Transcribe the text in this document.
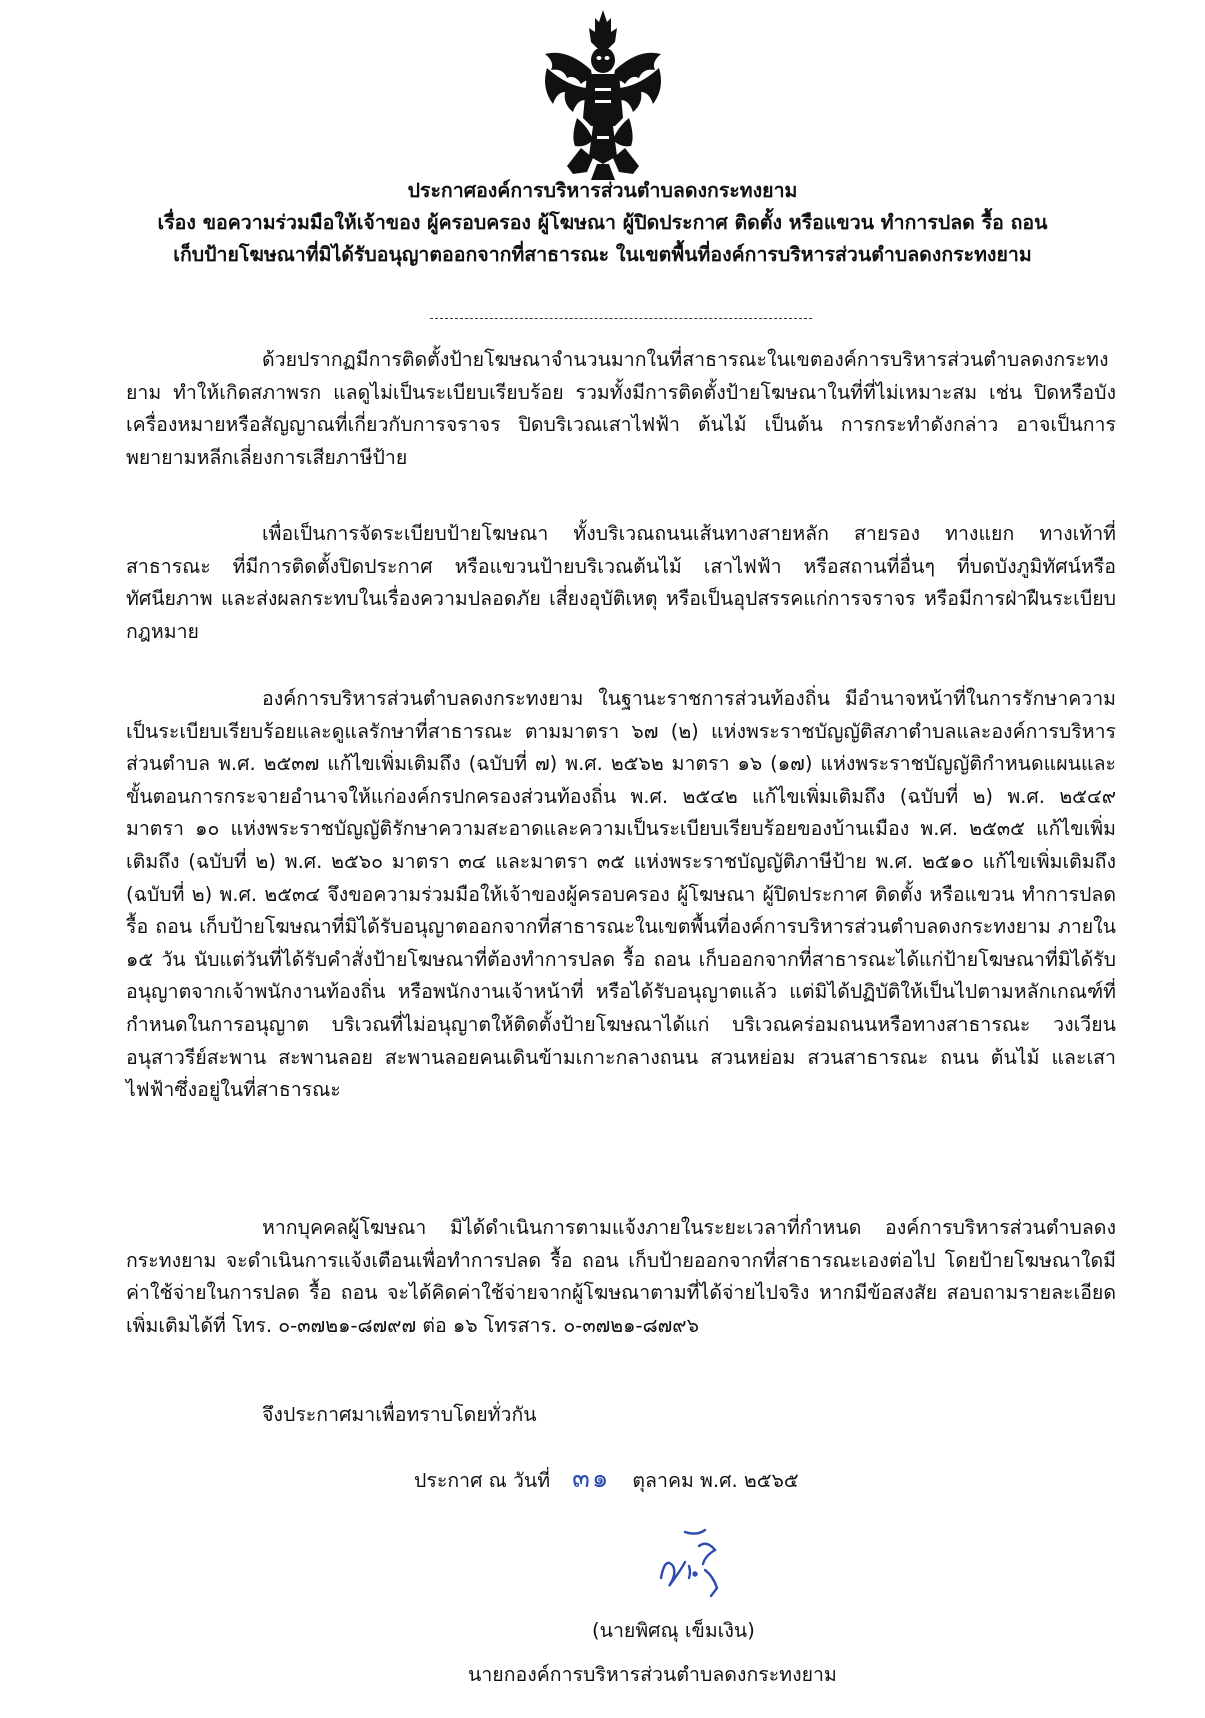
ประกาศองค์การบริหารส่วนตำบลดงกระทงยาม
เรื่อง ขอความร่วมมือให้เจ้าของ ผู้ครอบครอง ผู้โฆษณา ผู้ปิดประกาศ ติดตั้ง หรือแขวน ทำการปลด รื้อ ถอน
เก็บป้ายโฆษณาที่มิได้รับอนุญาตออกจากที่สาธารณะ ในเขตพื้นที่องค์การบริหารส่วนตำบลดงกระทงยาม
ด้วยปรากฏมีการติดตั้งป้ายโฆษณาจำนวนมากในที่สาธารณะในเขตองค์การบริหารส่วนตำบลดงกระทงยาม ทำให้เกิดสภาพรก แลดูไม่เป็นระเบียบเรียบร้อย รวมทั้งมีการติดตั้งป้ายโฆษณาในที่ที่ไม่เหมาะสม เช่น ปิดหรือบังเครื่องหมายหรือสัญญาณที่เกี่ยวกับการจราจร ปิดบริเวณเสาไฟฟ้า ต้นไม้ เป็นต้น การกระทำดังกล่าว อาจเป็นการพยายามหลีกเลี่ยงการเสียภาษีป้าย
เพื่อเป็นการจัดระเบียบป้ายโฆษณา ทั้งบริเวณถนนเส้นทางสายหลัก สายรอง ทางแยก ทางเท้าที่สาธารณะ ที่มีการติดตั้งปิดประกาศ หรือแขวนป้ายบริเวณต้นไม้ เสาไฟฟ้า หรือสถานที่อื่นๆ ที่บดบังภูมิทัศน์หรือทัศนียภาพ และส่งผลกระทบในเรื่องความปลอดภัย เสี่ยงอุบัติเหตุ หรือเป็นอุปสรรคแก่การจราจร หรือมีการฝ่าฝืนระเบียบกฎหมาย
องค์การบริหารส่วนตำบลดงกระทงยาม ในฐานะราชการส่วนท้องถิ่น มีอำนาจหน้าที่ในการรักษาความเป็นระเบียบเรียบร้อยและดูแลรักษาที่สาธารณะ ตามมาตรา ๖๗ (๒) แห่งพระราชบัญญัติสภาตำบลและองค์การบริหารส่วนตำบล พ.ศ. ๒๕๓๗ แก้ไขเพิ่มเติมถึง (ฉบับที่ ๗) พ.ศ. ๒๕๖๒ มาตรา ๑๖ (๑๗) แห่งพระราชบัญญัติกำหนดแผนและขั้นตอนการกระจายอำนาจให้แก่องค์กรปกครองส่วนท้องถิ่น พ.ศ. ๒๕๔๒ แก้ไขเพิ่มเติมถึง (ฉบับที่ ๒) พ.ศ. ๒๕๔๙ มาตรา ๑๐ แห่งพระราชบัญญัติรักษาความสะอาดและความเป็นระเบียบเรียบร้อยของบ้านเมือง พ.ศ. ๒๕๓๕ แก้ไขเพิ่มเติมถึง (ฉบับที่ ๒) พ.ศ. ๒๕๖๐ มาตรา ๓๔ และมาตรา ๓๕ แห่งพระราชบัญญัติภาษีป้าย พ.ศ. ๒๕๑๐ แก้ไขเพิ่มเติมถึง (ฉบับที่ ๒) พ.ศ. ๒๕๓๔ จึงขอความร่วมมือให้เจ้าของผู้ครอบครอง ผู้โฆษณา ผู้ปิดประกาศ ติดตั้ง หรือแขวน ทำการปลด รื้อ ถอน เก็บป้ายโฆษณาที่มิได้รับอนุญาตออกจากที่สาธารณะในเขตพื้นที่องค์การบริหารส่วนตำบลดงกระทงยาม ภายใน ๑๕ วัน นับแต่วันที่ได้รับคำสั่งป้ายโฆษณาที่ต้องทำการปลด รื้อ ถอน เก็บออกจากที่สาธารณะได้แก่ป้ายโฆษณาที่มิได้รับอนุญาตจากเจ้าพนักงานท้องถิ่น หรือพนักงานเจ้าหน้าที่ หรือได้รับอนุญาตแล้ว แต่มิได้ปฏิบัติให้เป็นไปตามหลักเกณฑ์ที่กำหนดในการอนุญาต บริเวณที่ไม่อนุญาตให้ติดตั้งป้ายโฆษณาได้แก่ บริเวณคร่อมถนนหรือทางสาธารณะ วงเวียน อนุสาวรีย์สะพาน สะพานลอย สะพานลอยคนเดินข้ามเกาะกลางถนน สวนหย่อม สวนสาธารณะ ถนน ต้นไม้ และเสาไฟฟ้าซึ่งอยู่ในที่สาธารณะ
หากบุคคลผู้โฆษณา มิได้ดำเนินการตามแจ้งภายในระยะเวลาที่กำหนด องค์การบริหารส่วนตำบลดงกระทงยาม จะดำเนินการแจ้งเตือนเพื่อทำการปลด รื้อ ถอน เก็บป้ายออกจากที่สาธารณะเองต่อไป โดยป้ายโฆษณาใดมีค่าใช้จ่ายในการปลด รื้อ ถอน จะได้คิดค่าใช้จ่ายจากผู้โฆษณาตามที่ได้จ่ายไปจริง หากมีข้อสงสัย สอบถามรายละเอียดเพิ่มเติมได้ที่ โทร. ๐-๓๗๒๑-๘๗๙๗ ต่อ ๑๖ โทรสาร. ๐-๓๗๒๑-๘๗๙๖
จึงประกาศมาเพื่อทราบโดยทั่วกัน
ประกาศ ณ วันที่ ๓๑ ตุลาคม พ.ศ. ๒๕๖๕
(นายพิศณุ เข็มเงิน)
นายกองค์การบริหารส่วนตำบลดงกระทงยาม
